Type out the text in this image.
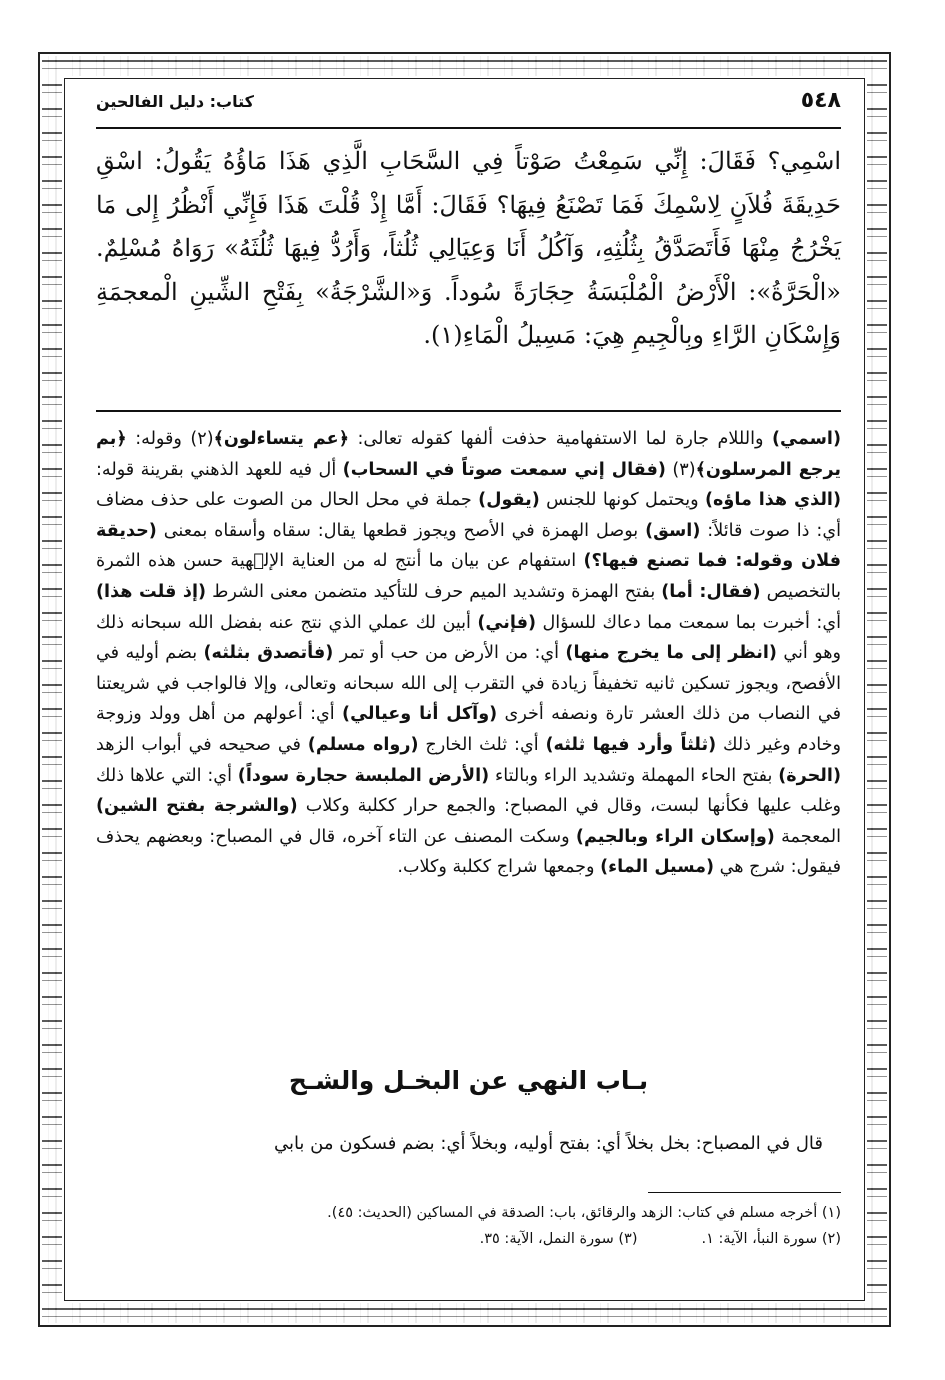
٥٤٨
كتاب: دليل الفالحين

اسْمِي؟ فَقَالَ: إِنِّي سَمِعْتُ صَوْتاً فِي السَّحَابِ الَّذِي هَذَا مَاؤُهُ يَقُولُ: اسْقِ حَدِيقَةَ فُلاَنٍ لِاسْمِكَ فَمَا تَصْنَعُ فِيهَا؟ فَقَالَ: أَمَّا إِذْ قُلْتَ هَذَا فَإِنِّي أَنْظُرُ إِلى مَا يَخْرُجُ مِنْهَا فَأَتَصَدَّقُ بِثُلُثِهِ، وَآكُلُ أَنَا وَعِيَالِي ثُلُثاً، وَأَرُدُّ فِيهَا ثُلُثَهُ» رَوَاهُ مُسْلِمٌ. «الْحَرَّةُ»: الْأَرْضُ الْمُلْبَسَةُ حِجَارَةً سُوداً. وَ«الشَّرْجَةُ» بِفَتْحِ الشِّينِ الْمعجمَةِ وَإِسْكَانِ الرَّاءِ وبِالْجِيمِ هِيَ: مَسِيلُ الْمَاءِ(١).

(اسمي) والللام جارة لما الاستفهامية حذفت ألفها كقوله تعالى: ﴿عم يتساءلون﴾(٢) وقوله: ﴿بم يرجع المرسلون﴾(٣) (فقال إني سمعت صوتاً في السحاب) أل فيه للعهد الذهني بقرينة قوله: (الذي هذا ماؤه) ويحتمل كونها للجنس (يقول) جملة في محل الحال من الصوت على حذف مضاف أي: ذا صوت قائلاً: (اسق) بوصل الهمزة في الأصح ويجوز قطعها يقال: سقاه وأسقاه بمعنى (حديقة فلان وقوله: فما تصنع فيها؟) استفهام عن بيان ما أنتج له من العناية الإلۤهية حسن هذه الثمرة بالتخصيص (فقال: أما) بفتح الهمزة وتشديد الميم حرف للتأكيد متضمن معنى الشرط (إذ قلت هذا) أي: أخبرت بما سمعت مما دعاك للسؤال (فإني) أبين لك عملي الذي نتج عنه بفضل الله سبحانه ذلك وهو أني (انظر إلى ما يخرج منها) أي: من الأرض من حب أو تمر (فأتصدق بثلثه) بضم أوليه في الأفصح، ويجوز تسكين ثانيه تخفيفاً زيادة في التقرب إلى الله سبحانه وتعالى، وإلا فالواجب في شريعتنا في النصاب من ذلك العشر تارة ونصفه أخرى (وآكل أنا وعيالي) أي: أعولهم من أهل وولد وزوجة وخادم وغير ذلك (ثلثاً وأرد فيها ثلثه) أي: ثلث الخارج (رواه مسلم) في صحيحه في أبواب الزهد (الحرة) بفتح الحاء المهملة وتشديد الراء وبالتاء (الأرض الملبسة حجارة سوداً) أي: التي علاها ذلك وغلب عليها فكأنها لبست، وقال في المصباح: والجمع حرار ككلبة وكلاب (والشرجة بفتح الشين) المعجمة (وإسكان الراء وبالجيم) وسكت المصنف عن التاء آخره، قال في المصباح: وبعضهم يحذف فيقول: شرج هي (مسيل الماء) وجمعها شراج ككلبة وكلاب.

بـاب النهي عن البخـل والشـح

قال في المصباح: بخل بخلاً أي: بفتح أوليه، وبخلاً أي: بضم فسكون من بابي

(١) أخرجه مسلم في كتاب: الزهد والرقائق، باب: الصدقة في المساكين (الحديث: ٤٥).
(٢) سورة النبأ، الآية: ١.(٣) سورة النمل، الآية: ٣٥.
